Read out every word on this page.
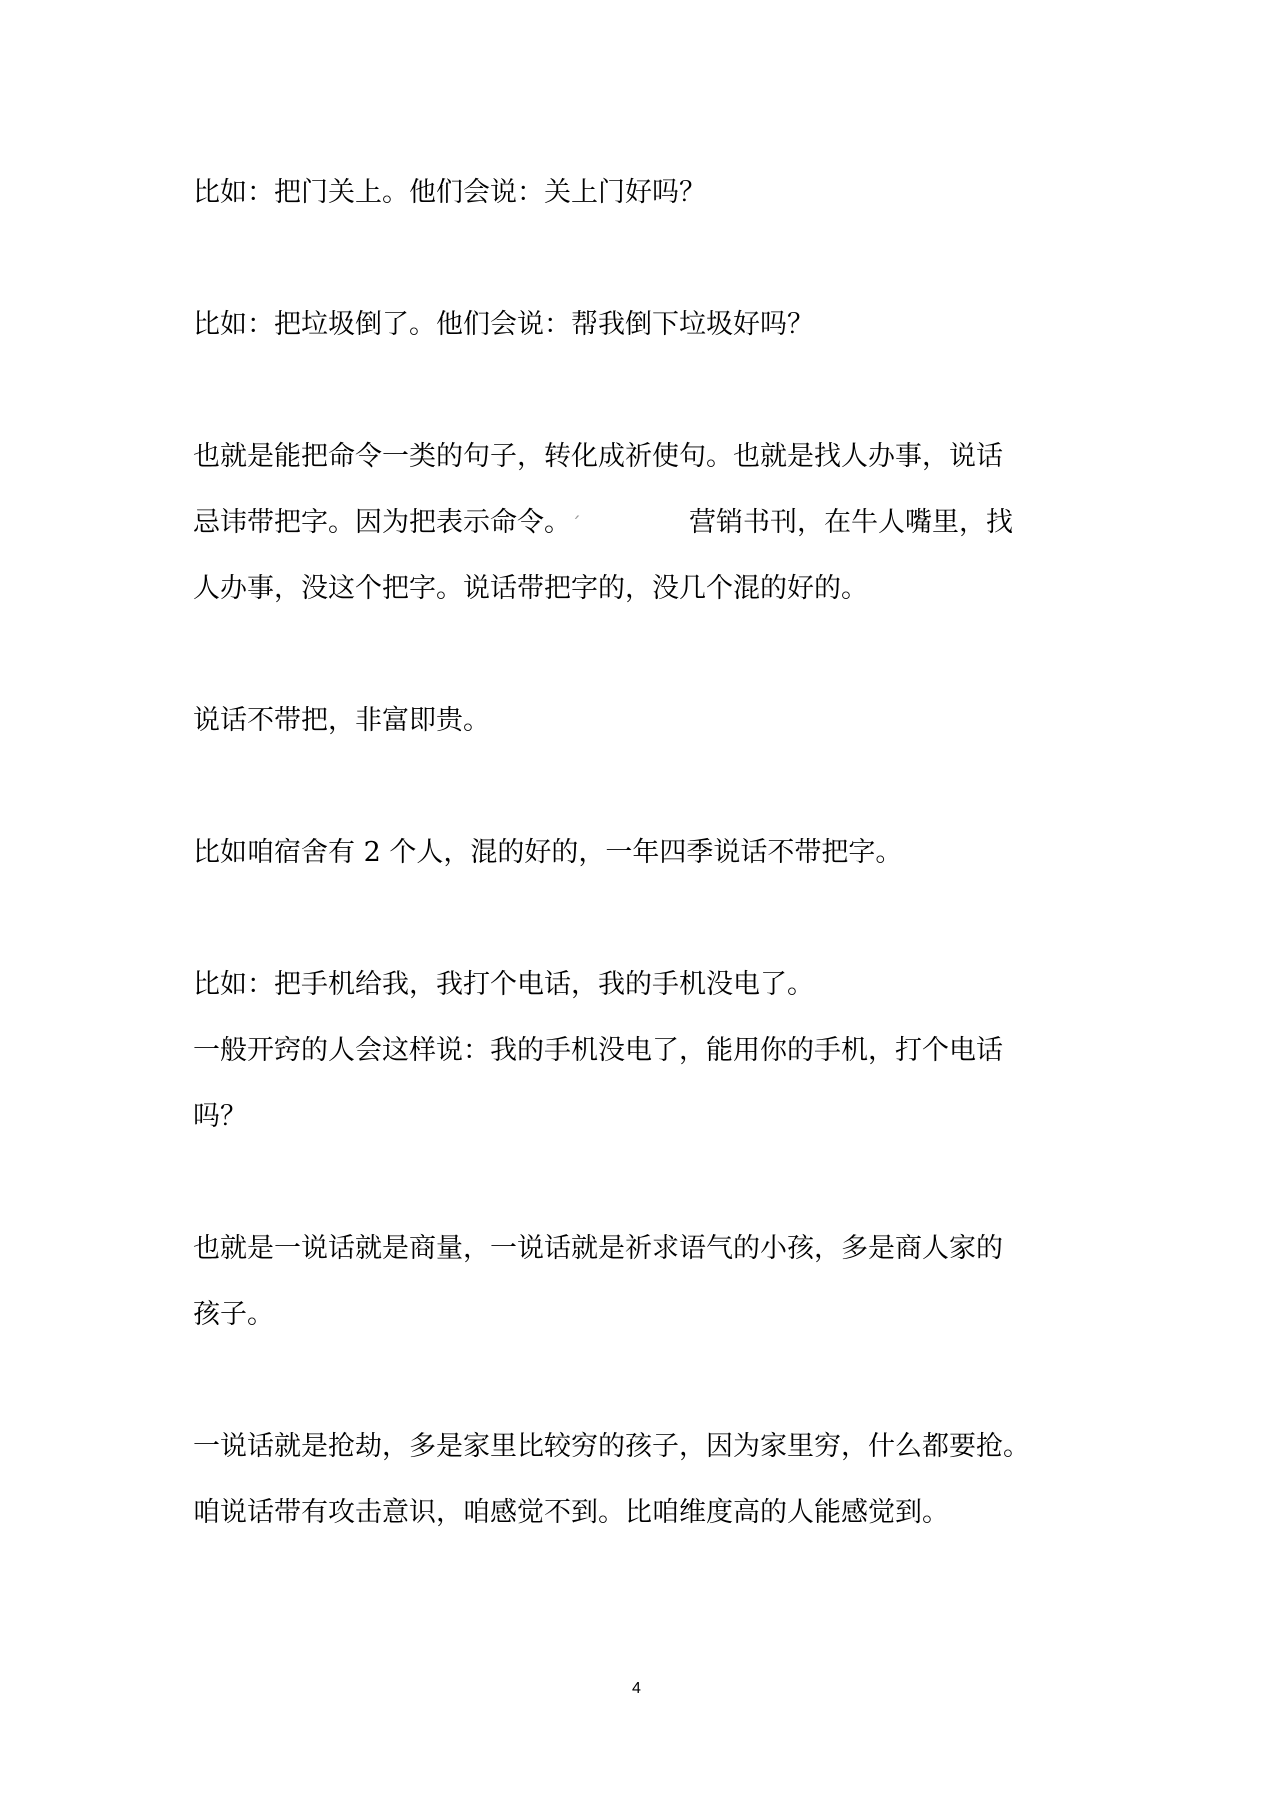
比如：把门关上。他们会说：关上门好吗？

比如：把垃圾倒了。他们会说：帮我倒下垃圾好吗？

也就是能把命令一类的句子，转化成祈使句。也就是找人办事，说话

忌讳带把字。因为把表示命令。ˊ	营销书刊，在牛人嘴里，找

人办事，没这个把字。说话带把字的，没几个混的好的。

说话不带把，非富即贵。

比如咱宿舍有 2 个人，混的好的，一年四季说话不带把字。

比如：把手机给我，我打个电话，我的手机没电了。

一般开窍的人会这样说：我的手机没电了，能用你的手机，打个电话

吗？

也就是一说话就是商量，一说话就是祈求语气的小孩，多是商人家的

孩子。

一说话就是抢劫，多是家里比较穷的孩子，因为家里穷，什么都要抢。

咱说话带有攻击意识，咱感觉不到。比咱维度高的人能感觉到。

4
